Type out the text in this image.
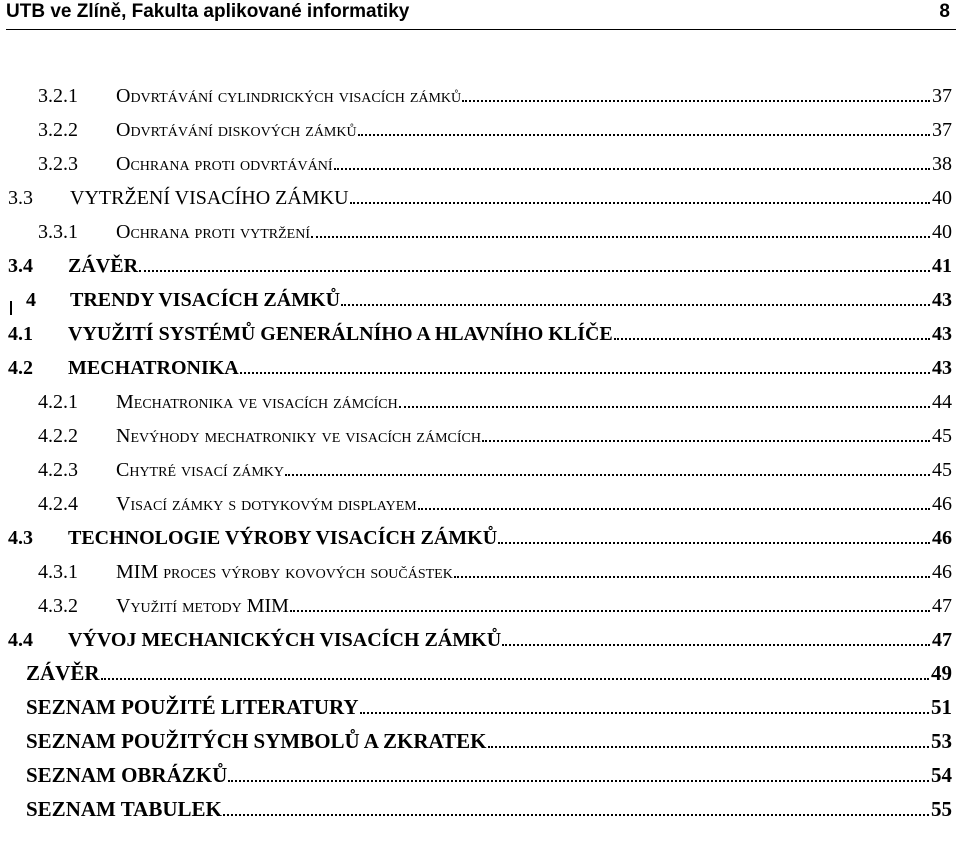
UTB ve Zlíně, Fakulta aplikované informatiky	8
3.2.1	Odvrtávání cylindrických visacích zámků	37
3.2.2	Odvrtávání diskových zámků	37
3.2.3	Ochrana proti odvrtávání	38
3.3	VYTRŽENÍ VISACÍHO ZÁMKU	40
3.3.1	Ochrana proti vytržení	40
3.4	ZÁVĚR	41
4	TRENDY VISACÍCH ZÁMKŮ	43
4.1	VYUŽITÍ SYSTÉMŮ GENERÁLNÍHO A HLAVNÍHO KLÍČE	43
4.2	MECHATRONIKA	43
4.2.1	Mechatronika ve visacích zámcích	44
4.2.2	Nevýhody mechatroniky ve visacích zámcích	45
4.2.3	Chytré visací zámky	45
4.2.4	Visací zámky s dotykovým displayem	46
4.3	TECHNOLOGIE VÝROBY VISACÍCH ZÁMKŮ	46
4.3.1	MIM proces výroby kovových součástek	46
4.3.2	Využití metody MIM	47
4.4	VÝVOJ MECHANICKÝCH VISACÍCH ZÁMKŮ	47
ZÁVĚR	49
SEZNAM POUŽITÉ LITERATURY	51
SEZNAM POUŽITÝCH SYMBOLŮ A ZKRATEK	53
SEZNAM OBRÁZKŮ	54
SEZNAM TABULEK	55
